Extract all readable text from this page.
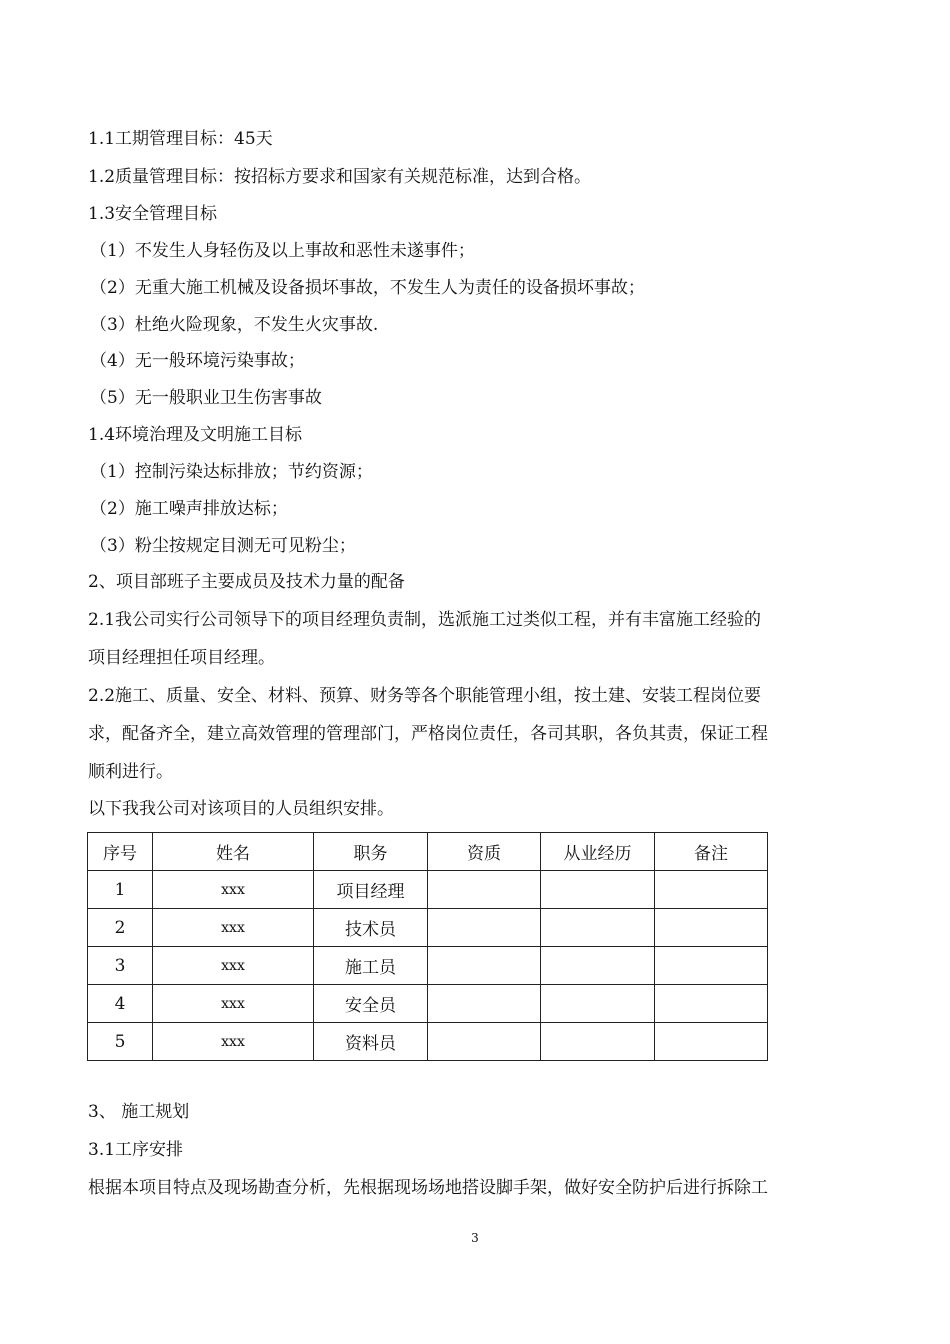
1.1工期管理目标：45天
1.2质量管理目标：按招标方要求和国家有关规范标准，达到合格。
1.3安全管理目标
（1）不发生人身轻伤及以上事故和恶性未遂事件；
（2）无重大施工机械及设备损坏事故，不发生人为责任的设备损坏事故；
（3）杜绝火险现象，不发生火灾事故.
（4）无一般环境污染事故；
（5）无一般职业卫生伤害事故
1.4环境治理及文明施工目标
（1）控制污染达标排放；节约资源；
（2）施工噪声排放达标；
（3）粉尘按规定目测无可见粉尘；
2、项目部班子主要成员及技术力量的配备
2.1我公司实行公司领导下的项目经理负责制，选派施工过类似工程，并有丰富施工经验的
项目经理担任项目经理。
2.2施工、质量、安全、材料、预算、财务等各个职能管理小组，按土建、安装工程岗位要
求，配备齐全，建立高效管理的管理部门，严格岗位责任，各司其职，各负其责，保证工程
顺利进行。
以下我我公司对该项目的人员组织安排。
序号	姓名	职务	资质	从业经历	备注
1	xxx	项目经理			
2	xxx	技术员			
3	xxx	施工员			
4	xxx	安全员			
5	xxx	资料员			
3、 施工规划
3.1工序安排
根据本项目特点及现场勘查分析，先根据现场场地搭设脚手架，做好安全防护后进行拆除工
3
